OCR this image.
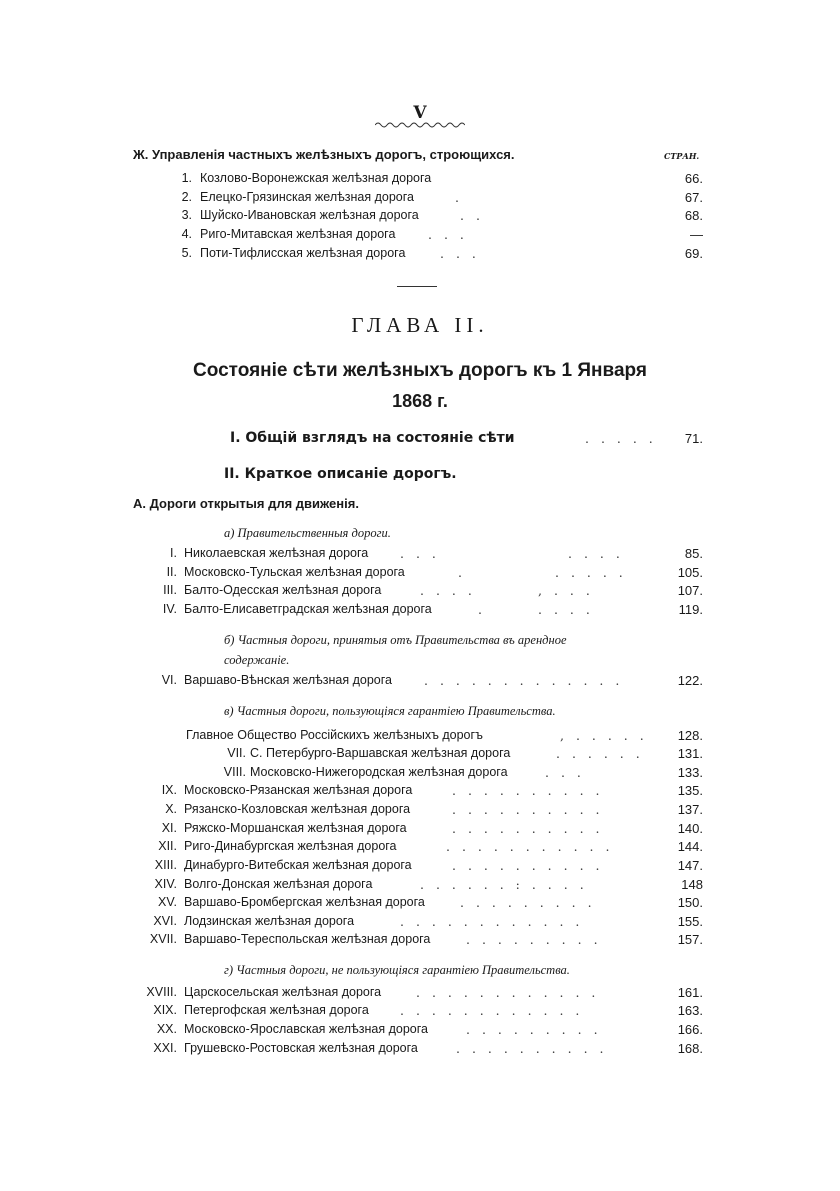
V
Ж. Управленія частныхъ желѣзныхъ дорогъ, строющихся.	СТРАН.
1. Козлово-Воронежская желѣзная дорога	66.
2. Елецко-Грязинская желѣзная дорога	.	67.
3. Шуйско-Ивановская желѣзная дорога	. .	68.
4. Риго-Митавская желѣзная дорога	. . .	—
5. Поти-Тифлисская желѣзная дорога	. . .	69.
ГЛАВА II.
Состояніе сѣти желѣзныхъ дорогъ къ 1 Января
1868 г.
I. Общій взглядъ на состояніе сѣти	. . . . .	71.
II. Краткое описаніе дорогъ.
А. Дороги открытыя для движенія.
а) Правительственныя дороги.
I. Николаевская желѣзная дорога	. . .	. . . .	85.
II. Московско-Тульская желѣзная дорога	.	. . . . .	105.
III. Балто-Одесская желѣзная дорога	. . . .	, . . .	107.
IV. Балто-Елисаветградская желѣзная дорога	.	. . . .	119.
б) Частныя дороги, принятыя отъ Правительства въ арендное
содержаніе.
VI. Варшаво-Вѣнская желѣзная дорога	. . . . . . . . . . . . .	122.
в) Частныя дороги, пользующіяся гарантіею Правительства.
Главное Общество Россійскихъ желѣзныхъ дорогъ	, . . . . .	128.
VII. С. Петербурго-Варшавская желѣзная дорога	. . . . . .	131.
VIII. Московско-Нижегородская желѣзная дорога	. . .	133.
IX. Московско-Рязанская желѣзная дорога	. . . . . . . . . .	135.
X. Рязанско-Козловская желѣзная дорога	. . . . . . . . . .	137.
XI. Ряжско-Моршанская желѣзная дорога	. . . . . . . . . .	140.
XII. Риго-Динабургская желѣзная дорога	. . . . . . . . . . .	144.
XIII. Динабурго-Витебская желѣзная дорога	. . . . . . . . . .	147.
XIV. Волго-Донская желѣзная дорога	. . . . . . : . . . .	148
XV. Варшаво-Бромбергская желѣзная дорога	. . . . . . . . .	150.
XVI. Лодзинская желѣзная дорога	. . . . . . . . . . . .	155.
XVII. Варшаво-Тереспольская желѣзная дорога	. . . . . . . . .	157.
г) Частныя дороги, не пользующіяся гарантіею Правительства.
XVIII. Царскосельская желѣзная дорога	. . . . . . . . . . . .	161.
XIX. Петергофская желѣзная дорога . . . . . . . . . . . .	163.
XX. Московско-Ярославская желѣзная дорога	. . . . . . . . .	166.
XXI. Грушевско-Ростовская желѣзная дорога	. . . . . . . . . .	168.
